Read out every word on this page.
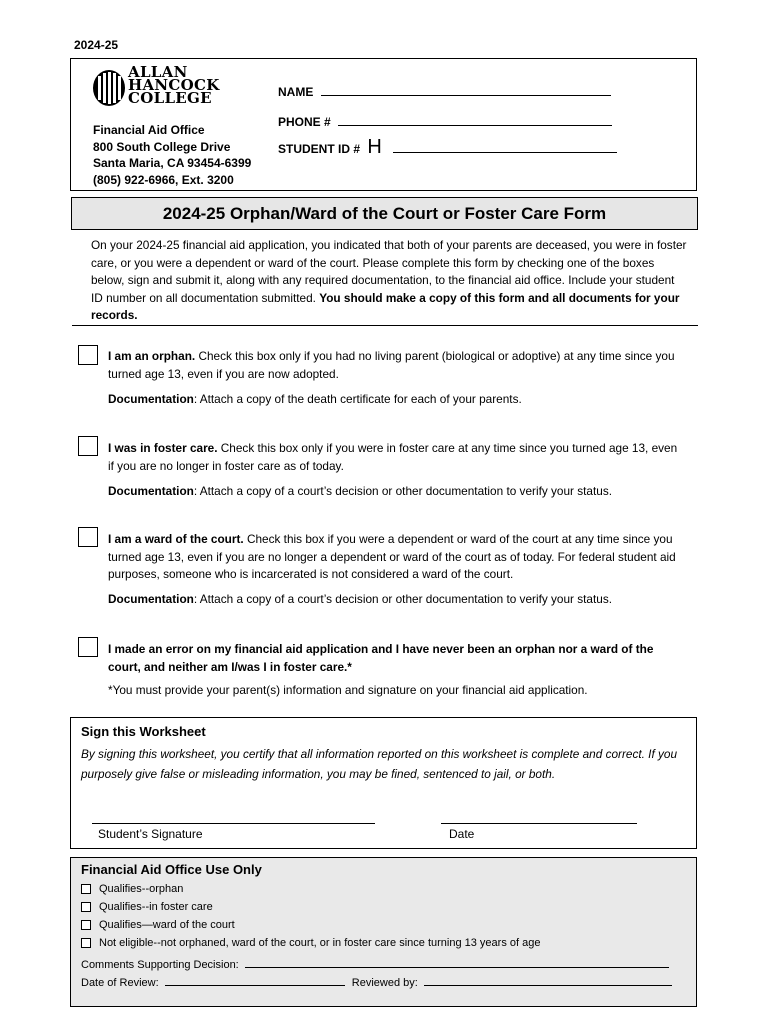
2024-25
ALLAN
HANCOCK
COLLEGE
Financial Aid Office
800 South College Drive
Santa Maria, CA 93454-6399
(805) 922-6966, Ext. 3200
NAME
PHONE #
STUDENT ID # H
2024-25 Orphan/Ward of the Court or Foster Care Form
On your 2024-25 financial aid application, you indicated that both of your parents are deceased, you were in foster care, or you were a dependent or ward of the court. Please complete this form by checking one of the boxes below, sign and submit it, along with any required documentation, to the financial aid office. Include your student ID number on all documentation submitted. You should make a copy of this form and all documents for your records.
I am an orphan. Check this box only if you had no living parent (biological or adoptive) at any time since you turned age 13, even if you are now adopted.
Documentation: Attach a copy of the death certificate for each of your parents.
I was in foster care. Check this box only if you were in foster care at any time since you turned age 13, even if you are no longer in foster care as of today.
Documentation: Attach a copy of a court’s decision or other documentation to verify your status.
I am a ward of the court. Check this box if you were a dependent or ward of the court at any time since you turned age 13, even if you are no longer a dependent or ward of the court as of today. For federal student aid purposes, someone who is incarcerated is not considered a ward of the court.
Documentation: Attach a copy of a court’s decision or other documentation to verify your status.
I made an error on my financial aid application and I have never been an orphan nor a ward of the court, and neither am I/was I in foster care.*
*You must provide your parent(s) information and signature on your financial aid application.
Sign this Worksheet
By signing this worksheet, you certify that all information reported on this worksheet is complete and correct. If you purposely give false or misleading information, you may be fined, sentenced to jail, or both.
Student’s Signature	Date
Financial Aid Office Use Only
Qualifies--orphan
Qualifies--in foster care
Qualifies—ward of the court
Not eligible--not orphaned, ward of the court, or in foster care since turning 13 years of age
Comments Supporting Decision:
Date of Review:	Reviewed by:
